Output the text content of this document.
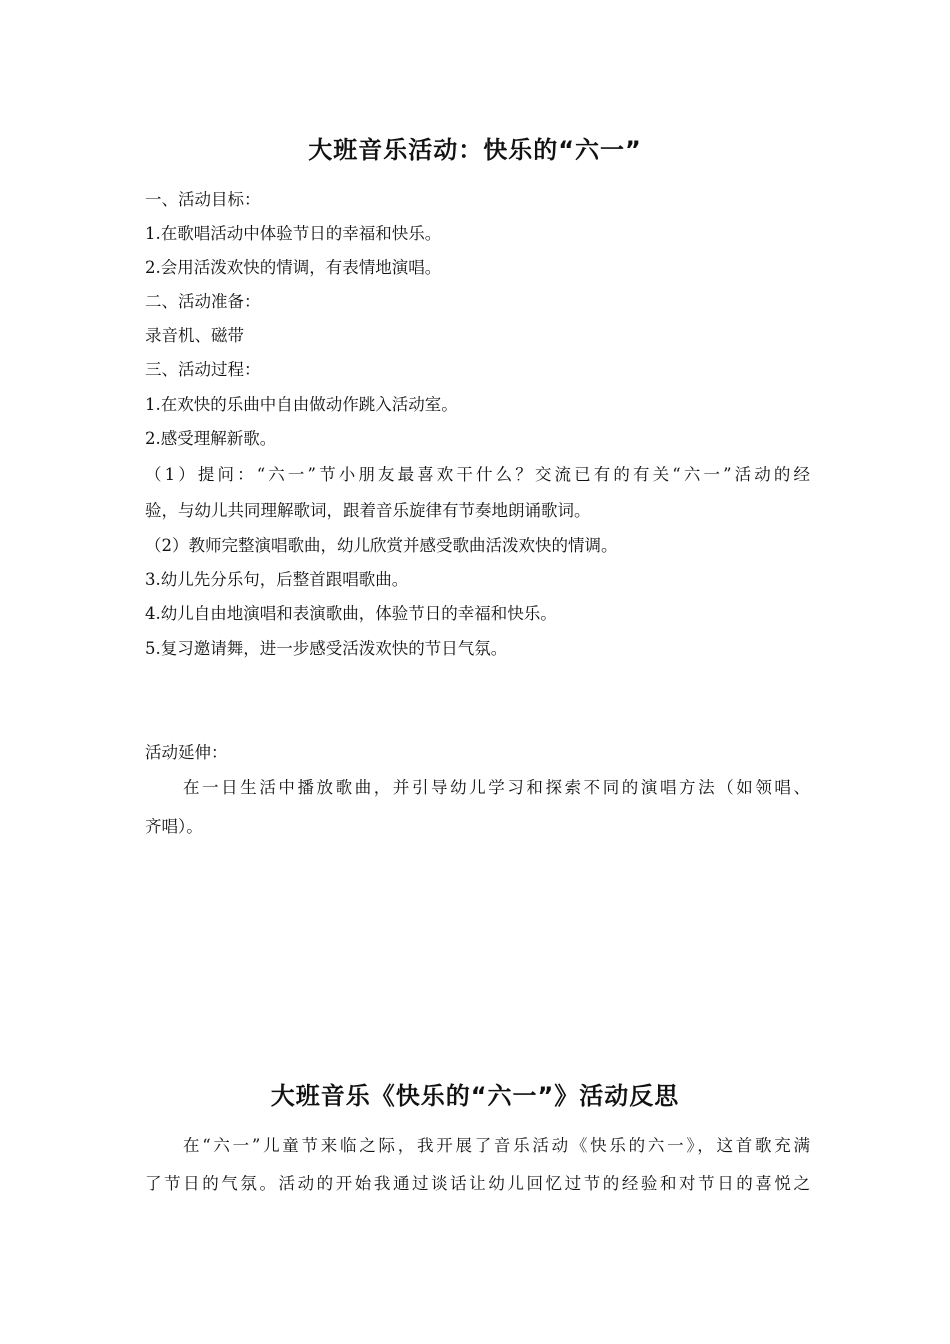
大班音乐活动：快乐的“六一”
一、活动目标：
1.在歌唱活动中体验节日的幸福和快乐。
2.会用活泼欢快的情调，有表情地演唱。
二、活动准备：
录音机、磁带
三、活动过程：
1.在欢快的乐曲中自由做动作跳入活动室。
2.感受理解新歌。
（1）提问：“六一”节小朋友最喜欢干什么？交流已有的有关“六一”活动的经
验，与幼儿共同理解歌词，跟着音乐旋律有节奏地朗诵歌词。
（2）教师完整演唱歌曲，幼儿欣赏并感受歌曲活泼欢快的情调。
3.幼儿先分乐句，后整首跟唱歌曲。
4.幼儿自由地演唱和表演歌曲，体验节日的幸福和快乐。
5.复习邀请舞，进一步感受活泼欢快的节日气氛。
活动延伸：
在一日生活中播放歌曲，并引导幼儿学习和探索不同的演唱方法（如领唱、
齐唱）。
大班音乐《快乐的“六一”》活动反思
在“六一”儿童节来临之际，我开展了音乐活动《快乐的六一》，这首歌充满
了节日的气氛。活动的开始我通过谈话让幼儿回忆过节的经验和对节日的喜悦之
